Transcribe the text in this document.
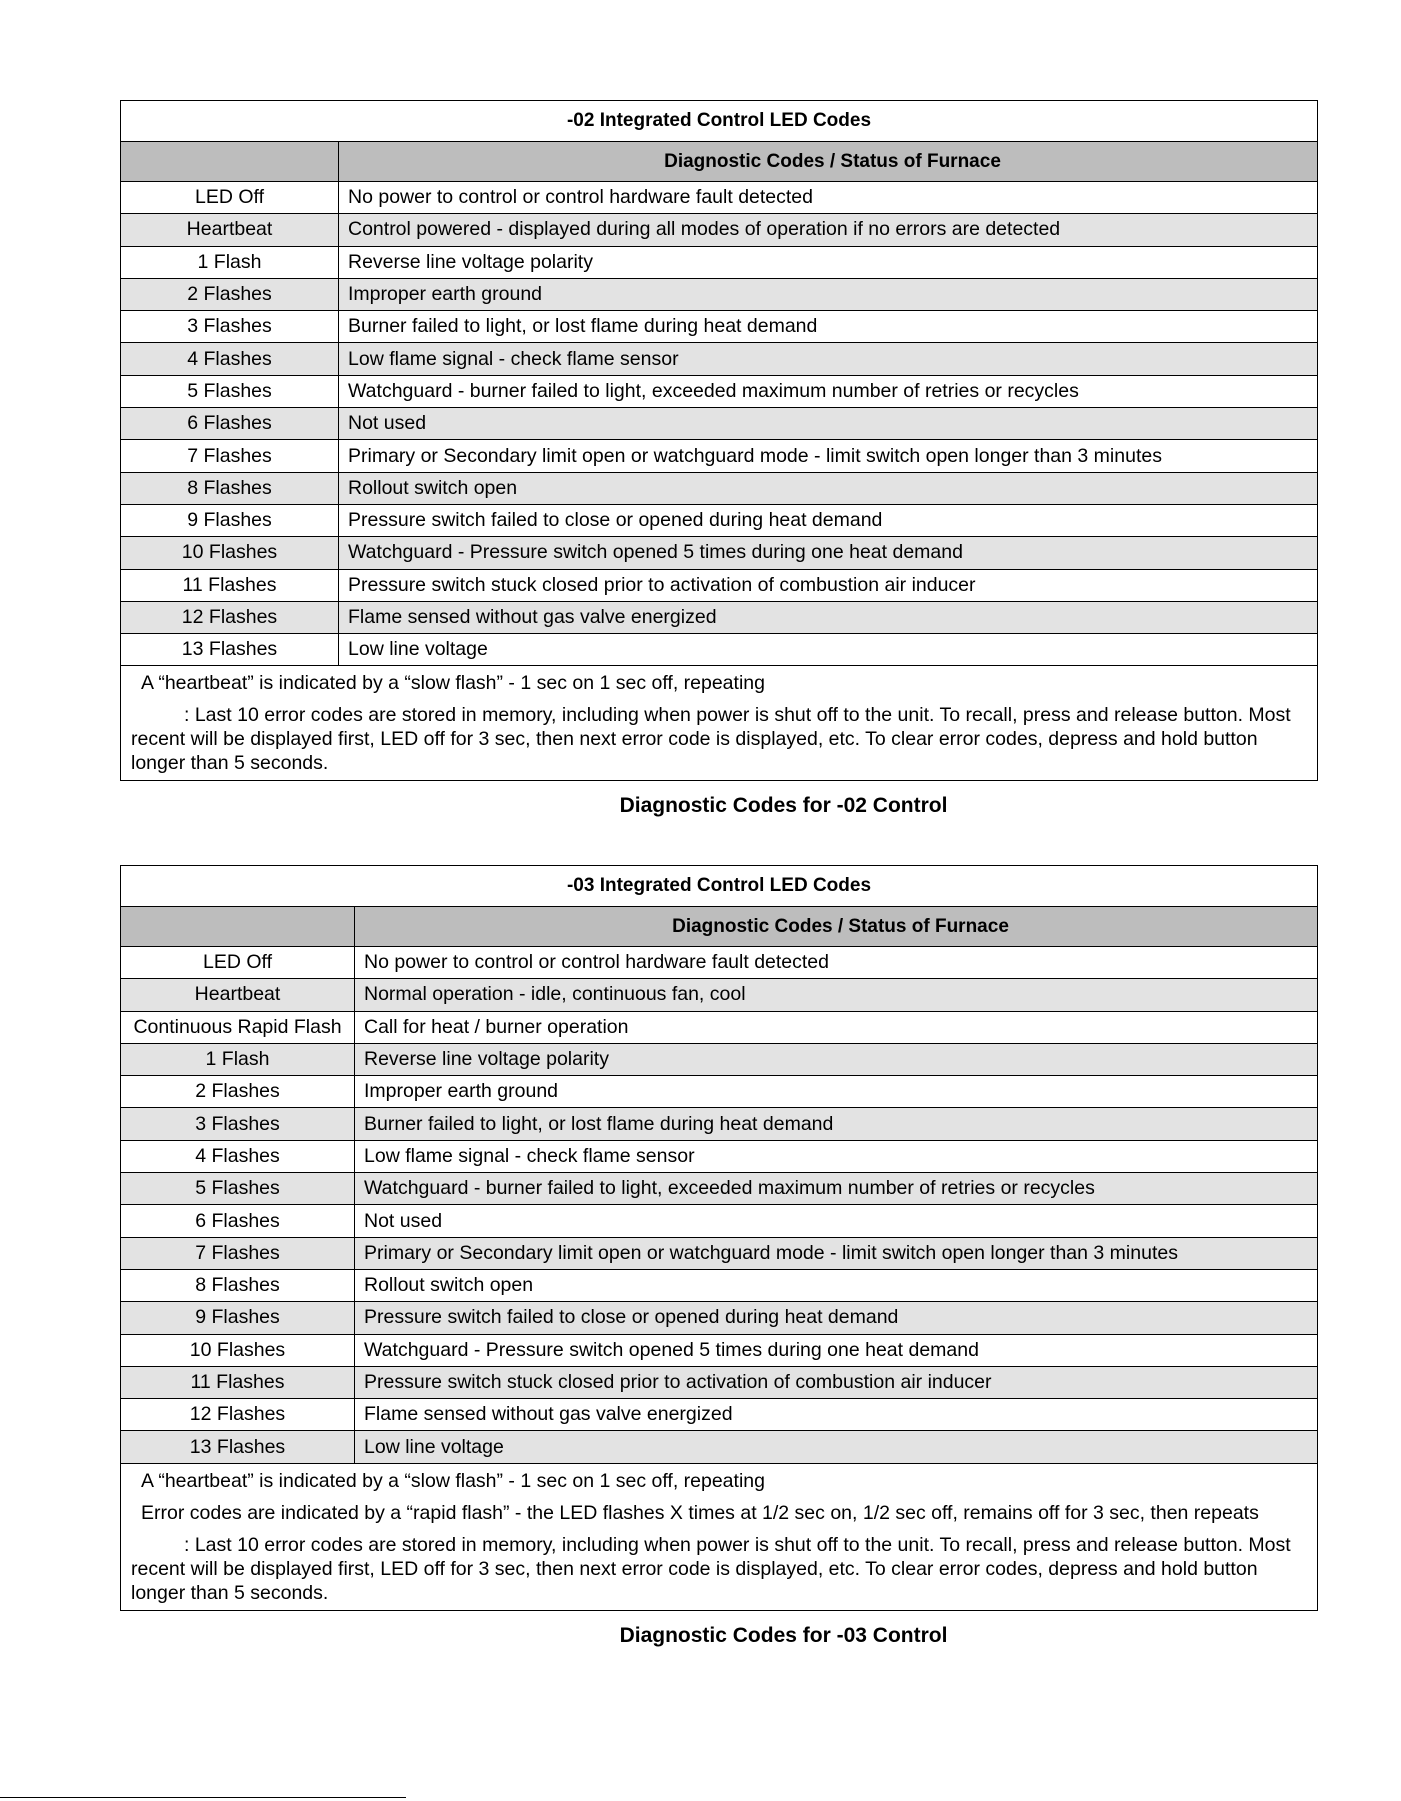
-02 Integrated Control LED Codes
Diagnostic Codes / Status of Furnace
LED Off	No power to control or control hardware fault detected
Heartbeat	Control powered - displayed during all modes of operation if no errors are detected
1 Flash	Reverse line voltage polarity
2 Flashes	Improper earth ground
3 Flashes	Burner failed to light, or lost flame during heat demand
4 Flashes	Low flame signal - check flame sensor
5 Flashes	Watchguard - burner failed to light, exceeded maximum number of retries or recycles
6 Flashes	Not used
7 Flashes	Primary or Secondary limit open or watchguard mode - limit switch open longer than 3 minutes
8 Flashes	Rollout switch open
9 Flashes	Pressure switch failed to close or opened during heat demand
10 Flashes	Watchguard - Pressure switch opened 5 times during one heat demand
11 Flashes	Pressure switch stuck closed prior to activation of combustion air inducer
12 Flashes	Flame sensed without gas valve energized
13 Flashes	Low line voltage
A “heartbeat” is indicated by a “slow flash” - 1 sec on 1 sec off, repeating
: Last 10 error codes are stored in memory, including when power is shut off to the unit. To recall, press and release button. Most recent will be displayed first, LED off for 3 sec, then next error code is displayed, etc. To clear error codes, depress and hold button longer than 5 seconds.
Diagnostic Codes for -02 Control
-03 Integrated Control LED Codes
Diagnostic Codes / Status of Furnace
LED Off	No power to control or control hardware fault detected
Heartbeat	Normal operation - idle, continuous fan, cool
Continuous Rapid Flash	Call for heat / burner operation
1 Flash	Reverse line voltage polarity
2 Flashes	Improper earth ground
3 Flashes	Burner failed to light, or lost flame during heat demand
4 Flashes	Low flame signal - check flame sensor
5 Flashes	Watchguard - burner failed to light, exceeded maximum number of retries or recycles
6 Flashes	Not used
7 Flashes	Primary or Secondary limit open or watchguard mode - limit switch open longer than 3 minutes
8 Flashes	Rollout switch open
9 Flashes	Pressure switch failed to close or opened during heat demand
10 Flashes	Watchguard - Pressure switch opened 5 times during one heat demand
11 Flashes	Pressure switch stuck closed prior to activation of combustion air inducer
12 Flashes	Flame sensed without gas valve energized
13 Flashes	Low line voltage
A “heartbeat” is indicated by a “slow flash” - 1 sec on 1 sec off, repeating
Error codes are indicated by a “rapid flash” - the LED flashes X times at 1/2 sec on, 1/2 sec off, remains off for 3 sec, then repeats
: Last 10 error codes are stored in memory, including when power is shut off to the unit. To recall, press and release button. Most recent will be displayed first, LED off for 3 sec, then next error code is displayed, etc. To clear error codes, depress and hold button longer than 5 seconds.
Diagnostic Codes for -03 Control
